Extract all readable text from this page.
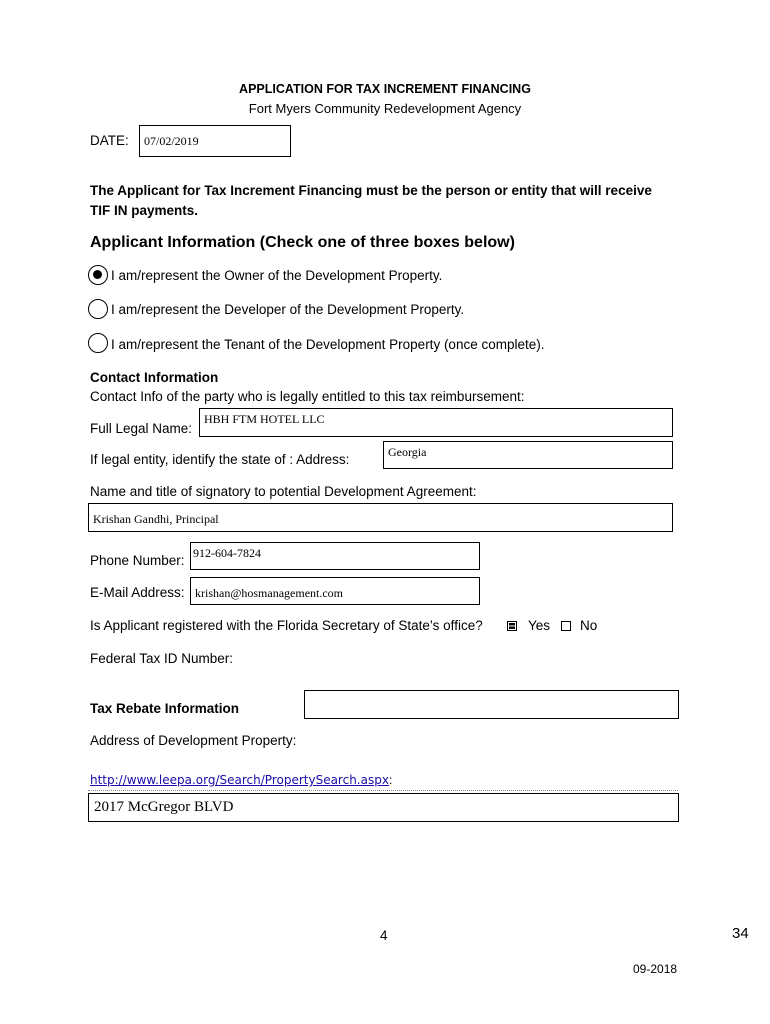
APPLICATION FOR TAX INCREMENT FINANCING
Fort Myers Community Redevelopment Agency
DATE:	07/02/2019
The Applicant for Tax Increment Financing must be the person or entity that will receive
TIF IN payments.
Applicant Information (Check one of three boxes below)
I am/represent the Owner of the Development Property.
I am/represent the Developer of the Development Property.
I am/represent the Tenant of the Development Property (once complete).
Contact Information
Contact Info of the party who is legally entitled to this tax reimbursement:
Full Legal Name:
HBH FTM HOTEL LLC
If legal entity, identify the state of : Address:	Georgia
Name and title of signatory to potential Development Agreement:
Krishan Gandhi, Principal
Phone Number: 912-604-7824
E-Mail Address: krishan@hosmanagement.com
Is Applicant registered with the Florida Secretary of State’s office?	Yes No
Federal Tax ID Number:
Tax Rebate Information
Address of Development Property:
http://www.leepa.org/Search/PropertySearch.aspx:
2017 McGregor BLVD
4	34
09-2018
